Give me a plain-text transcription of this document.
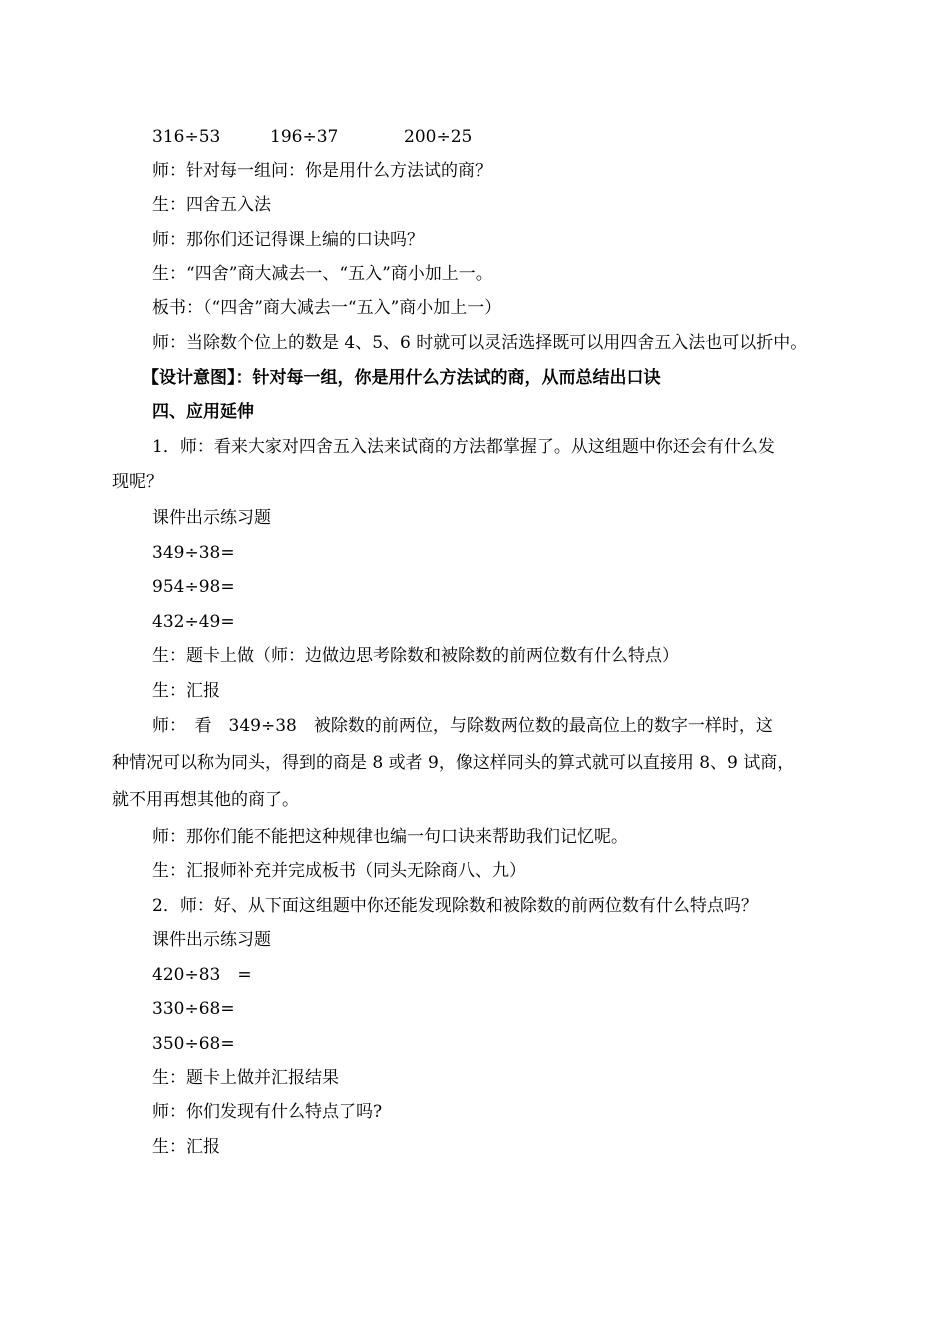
316÷53	196÷37	200÷25
师：针对每一组问：你是用什么方法试的商？
生：四舍五入法
师：那你们还记得课上编的口诀吗？
生：“四舍”商大减去一、“五入”商小加上一。
板书：（“四舍”商大减去一“五入”商小加上一）
师：当除数个位上的数是 4、5、6 时就可以灵活选择既可以用四舍五入法也可以折中。
【设计意图】：针对每一组，你是用什么方法试的商，从而总结出口诀
四、应用延伸
1．师：看来大家对四舍五入法来试商的方法都掌握了。从这组题中你还会有什么发
现呢？
课件出示练习题
349÷38=
954÷98=
432÷49=
生：题卡上做（师：边做边思考除数和被除数的前两位数有什么特点）
生：汇报
师：　看　349÷38　被除数的前两位，与除数两位数的最高位上的数字一样时，这
种情况可以称为同头，得到的商是 8 或者 9，像这样同头的算式就可以直接用 8、9 试商，
就不用再想其他的商了。
师：那你们能不能把这种规律也编一句口诀来帮助我们记忆呢。
生：汇报师补充并完成板书（同头无除商八、九）
2．师：好、从下面这组题中你还能发现除数和被除数的前两位数有什么特点吗？
课件出示练习题
420÷83　=
330÷68=
350÷68=
生：题卡上做并汇报结果
师：你们发现有什么特点了吗?
生：汇报
